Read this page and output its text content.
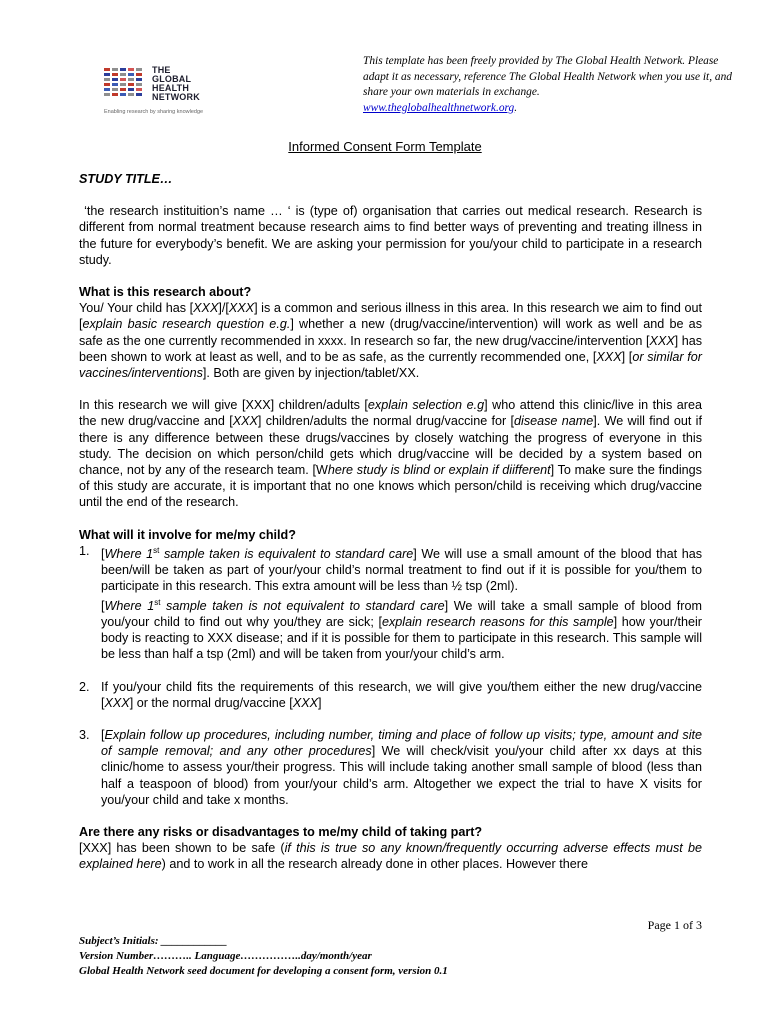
THE
GLOBAL
HEALTH
NETWORK
Enabling research by sharing knowledge
This template has been freely provided by The Global Health Network. Please adapt it as necessary, reference The Global Health Network when you use it, and share your own materials in exchange.
www.theglobalhealthnetwork.org.
Informed Consent Form Template

STUDY TITLE…

‘the research instituition’s name … ‘ is (type of) organisation that carries out medical research. Research is different from normal treatment because research aims to find better ways of preventing and treating illness in the future for everybody’s benefit. We are asking your permission for you/your child to participate in a research study.

What is this research about?

You/ Your child has [XXX]/[XXX] is a common and serious illness in this area. In this research we aim to find out [explain basic research question e.g.] whether a new (drug/vaccine/intervention) will work as well and be as safe as the one currently recommended in xxxx. In research so far, the new drug/vaccine/intervention [XXX] has been shown to work at least as well, and to be as safe, as the currently recommended one, [XXX] [or similar for vaccines/interventions]. Both are given by injection/tablet/XX.

In this research we will give [XXX] children/adults [explain selection e.g] who attend this clinic/live in this area the new drug/vaccine and [XXX] children/adults the normal drug/vaccine for [disease name]. We will find out if there is any difference between these drugs/vaccines by closely watching the progress of everyone in this study. The decision on which person/child gets which drug/vaccine will be decided by a system based on chance, not by any of the research team. [Where study is blind or explain if diifferent] To make sure the findings of this study are accurate, it is important that no one knows which person/child is receiving which drug/vaccine until the end of the research.

What will it involve for me/my child?

1. [Where 1st sample taken is equivalent to standard care] We will use a small amount of the blood that has been/will be taken as part of your/your child’s normal treatment to find out if it is possible for you/them to participate in this research. This extra amount will be less than ½ tsp (2ml).

[Where 1st sample taken is not equivalent to standard care] We will take a small sample of blood from you/your child to find out why you/they are sick; [explain research reasons for this sample] how your/their body is reacting to XXX disease; and if it is possible for them to participate in this research. This sample will be less than half a tsp (2ml) and will be taken from your/your child’s arm.

2. If you/your child fits the requirements of this research, we will give you/them either the new drug/vaccine [XXX] or the normal drug/vaccine [XXX]

3. [Explain follow up procedures, including number, timing and place of follow up visits; type, amount and site of sample removal; and any other procedures] We will check/visit you/your child after xx days at this clinic/home to assess your/their progress. This will include taking another small sample of blood (less than half a teaspoon of blood) from your/your child’s arm. Altogether we expect the trial to have X visits for you/your child and take x months.

Are there any risks or disadvantages to me/my child of taking part?

[XXX] has been shown to be safe (if this is true so any known/frequently occurring adverse effects must be explained here) and to work in all the research already done in other places. However there

Page 1 of 3
Subject’s Initials: ____________
Version Number……….. Language……………..day/month/year
Global Health Network seed document for developing a consent form, version 0.1
